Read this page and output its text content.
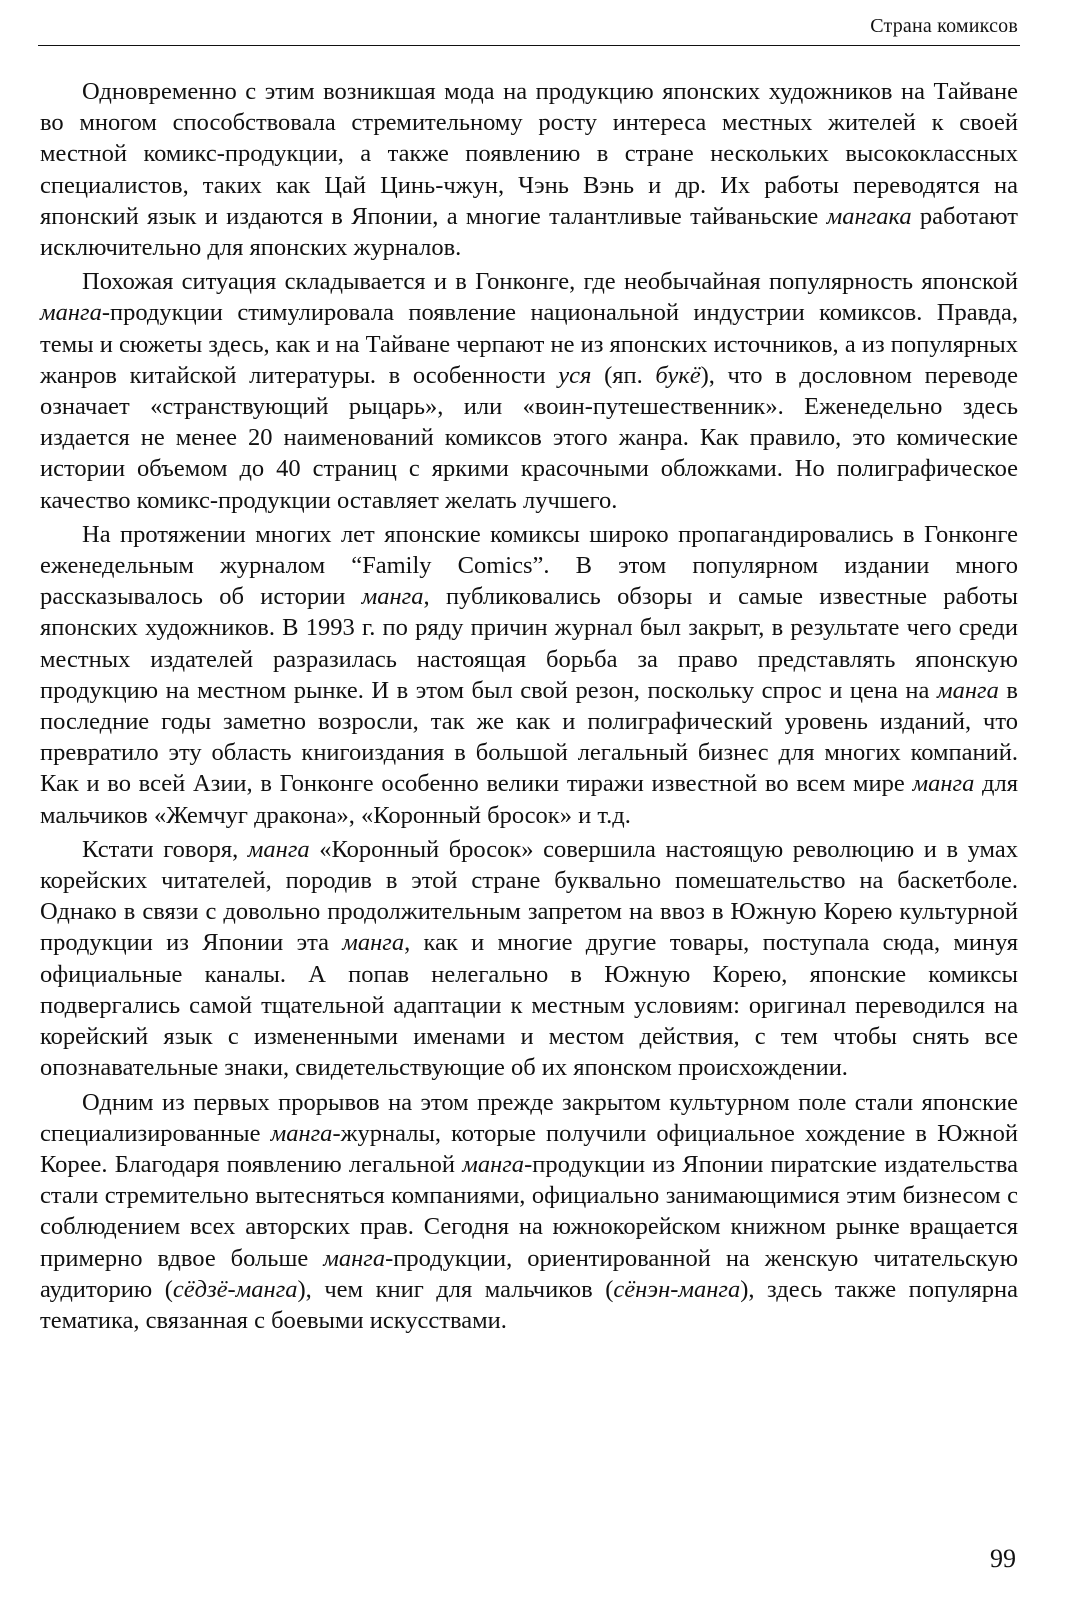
Страна комиксов

Одновременно с этим возникшая мода на продукцию японских художников на Тайване во многом способствовала стремительному росту интереса местных жителей к своей местной комикс-продукции, а также появлению в стране нескольких высококлассных специалистов, таких как Цай Цинь-чжун, Чэнь Вэнь и др. Их работы переводятся на японский язык и издаются в Японии, а многие талантливые тайваньские мангака работают исключительно для японских журналов.

Похожая ситуация складывается и в Гонконге, где необычайная популярность японской манга-продукции стимулировала появление национальной индустрии комиксов. Правда, темы и сюжеты здесь, как и на Тайване черпают не из японских источников, а из популярных жанров китайской литературы. в особенности уся (яп. букё), что в дословном переводе означает «странствующий рыцарь», или «воин-путешественник». Еженедельно здесь издается не менее 20 наименований комиксов этого жанра. Как правило, это комические истории объемом до 40 страниц с яркими красочными обложками. Но полиграфическое качество комикс-продукции оставляет желать лучшего.

На протяжении многих лет японские комиксы широко пропагандировались в Гонконге еженедельным журналом “Family Comics”. В этом популярном издании много рассказывалось об истории манга, публиковались обзоры и самые известные работы японских художников. В 1993 г. по ряду причин журнал был закрыт, в результате чего среди местных издателей разразилась настоящая борьба за право представлять японскую продукцию на местном рынке. И в этом был свой резон, поскольку спрос и цена на манга в последние годы заметно возросли, так же как и полиграфический уровень изданий, что превратило эту область книгоиздания в большой легальный бизнес для многих компаний. Как и во всей Азии, в Гонконге особенно велики тиражи известной во всем мире манга для мальчиков «Жемчуг дракона», «Коронный бросок» и т.д.

Кстати говоря, манга «Коронный бросок» совершила настоящую революцию и в умах корейских читателей, породив в этой стране буквально помешательство на баскетболе. Однако в связи с довольно продолжительным запретом на ввоз в Южную Корею культурной продукции из Японии эта манга, как и многие другие товары, поступала сюда, минуя официальные каналы. А попав нелегально в Южную Корею, японские комиксы подвергались самой тщательной адаптации к местным условиям: оригинал переводился на корейский язык с измененными именами и местом действия, с тем чтобы снять все опознавательные знаки, свидетельствующие об их японском происхождении.

Одним из первых прорывов на этом прежде закрытом культурном поле стали японские специализированные манга-журналы, которые получили официальное хождение в Южной Корее. Благодаря появлению легальной манга-продукции из Японии пиратские издательства стали стремительно вытесняться компаниями, официально занимающимися этим бизнесом с соблюдением всех авторских прав. Сегодня на южнокорейском книжном рынке вращается примерно вдвое больше манга-продукции, ориентированной на женскую читательскую аудиторию (сёдзё-манга), чем книг для мальчиков (сёнэн-манга), здесь также популярна тематика, связанная с боевыми искусствами.

99
